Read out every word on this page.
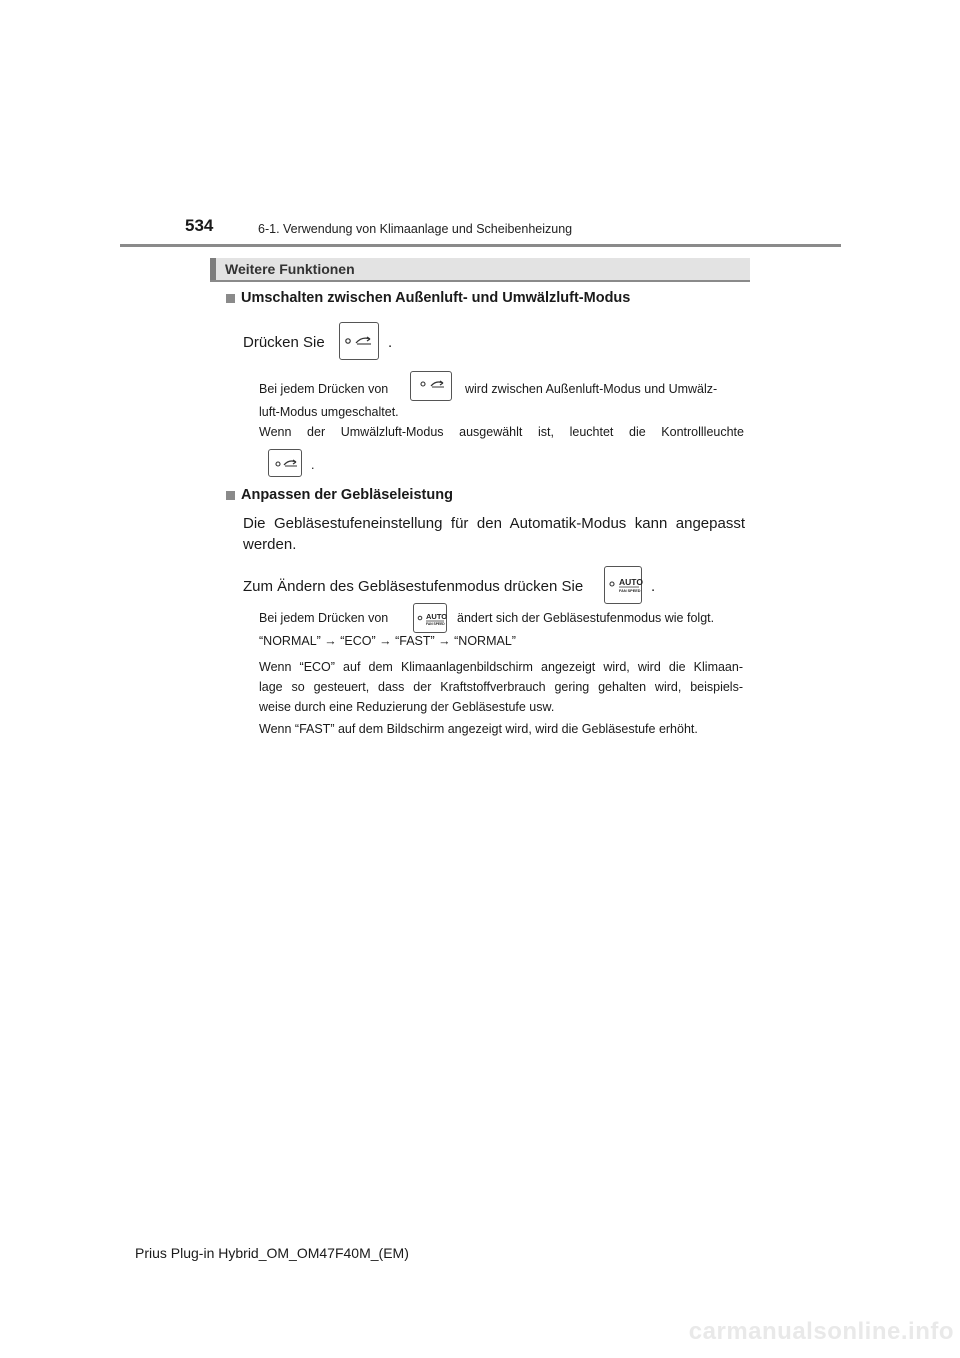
534	6-1. Verwendung von Klimaanlage und Scheibenheizung
Weitere Funktionen
Umschalten zwischen Außenluft- und Umwälzluft-Modus
Drücken Sie	.
Bei jedem Drücken von	wird zwischen Außenluft-Modus und Umwälz-
luft-Modus umgeschaltet.
Wenn der Umwälzluft-Modus ausgewählt ist, leuchtet die Kontrollleuchte
.
Anpassen der Gebläseleistung
Die Gebläsestufeneinstellung für den Automatik-Modus kann angepasst
werden.
Zum Ändern des Gebläsestufenmodus drücken Sie	AUTO
FAN SPEED .
Bei jedem Drücken von	AUTO
FAN SPEED ändert sich der Gebläsestufenmodus wie folgt.
“NORMAL” → “ECO” → “FAST” → “NORMAL”
Wenn “ECO” auf dem Klimaanlagenbildschirm angezeigt wird, wird die Klimaan-
lage so gesteuert, dass der Kraftstoffverbrauch gering gehalten wird, beispiels-
weise durch eine Reduzierung der Gebläsestufe usw.
Wenn “FAST” auf dem Bildschirm angezeigt wird, wird die Gebläsestufe erhöht.
Prius Plug-in Hybrid_OM_OM47F40M_(EM)
carmanualsonline.info
